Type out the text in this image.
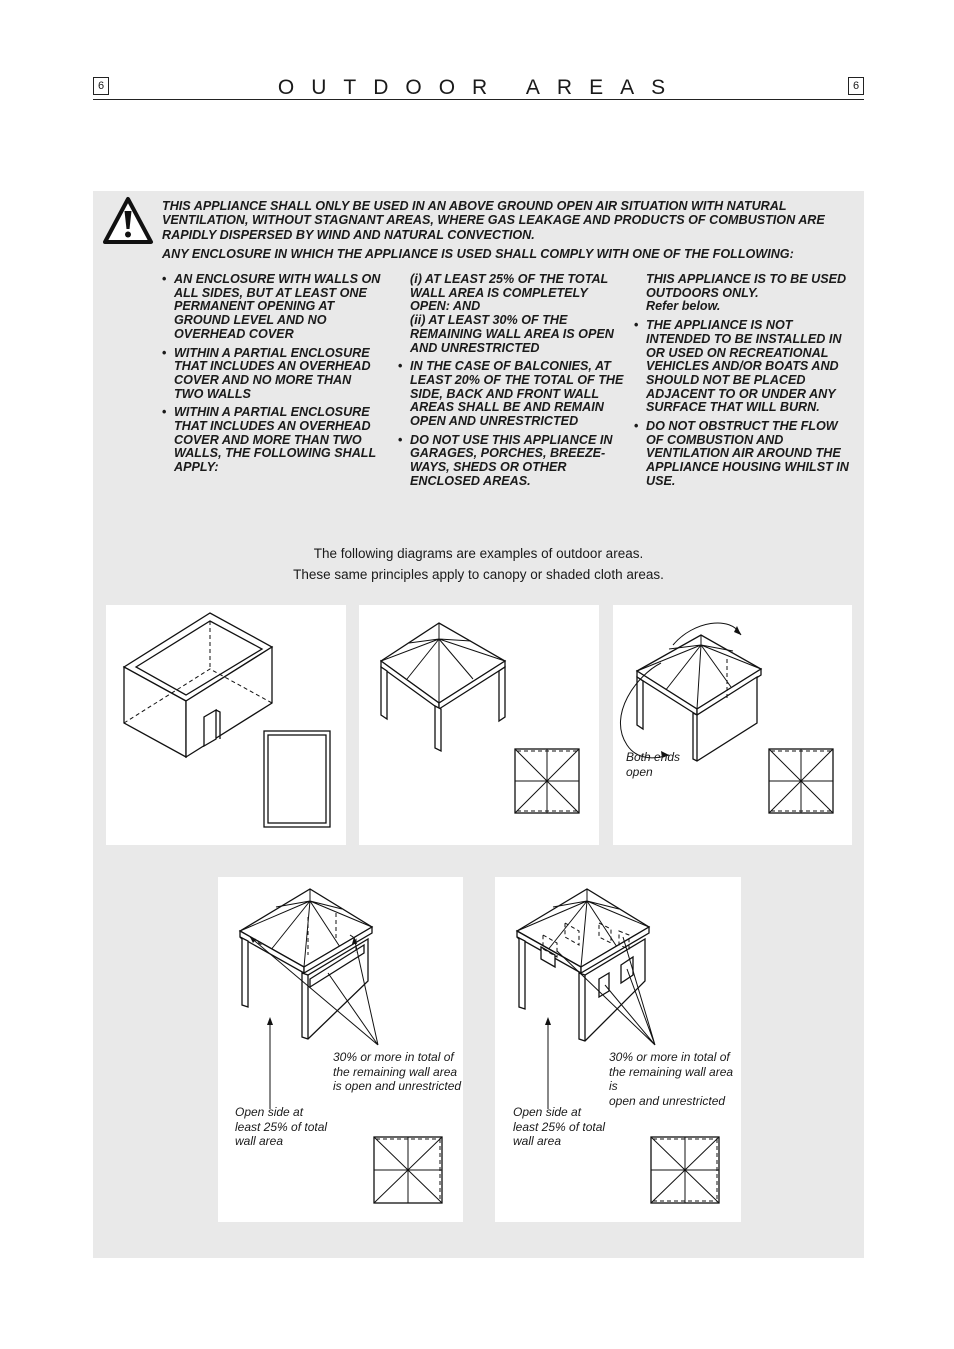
6	6
OUTDOOR AREAS

THIS APPLIANCE SHALL ONLY BE USED IN AN ABOVE GROUND OPEN AIR SITUATION WITH NATURAL VENTILATION, WITHOUT STAGNANT AREAS, WHERE GAS LEAKAGE AND PRODUCTS OF COMBUSTION ARE RAPIDLY DISPERSED BY WIND AND NATURAL CONVECTION.

ANY ENCLOSURE IN WHICH THE APPLIANCE IS USED SHALL COMPLY WITH ONE OF THE FOLLOWING:

• AN ENCLOSURE WITH WALLS ON ALL SIDES, BUT AT LEAST ONE PERMANENT OPENING AT GROUND LEVEL AND NO OVERHEAD COVER
• WITHIN A PARTIAL ENCLOSURE THAT INCLUDES AN OVERHEAD COVER AND NO MORE THAN TWO WALLS
• WITHIN A PARTIAL ENCLOSURE THAT INCLUDES AN OVERHEAD COVER AND MORE THAN TWO WALLS, THE FOLLOWING SHALL APPLY:
(i) AT LEAST 25% OF THE TOTAL WALL AREA IS COMPLETELY OPEN: AND
(ii) AT LEAST 30% OF THE REMAINING WALL AREA IS OPEN AND UNRESTRICTED
• IN THE CASE OF BALCONIES, AT LEAST 20% OF THE TOTAL OF THE SIDE, BACK AND FRONT WALL AREAS SHALL BE AND REMAIN OPEN AND UNRESTRICTED
• DO NOT USE THIS APPLIANCE IN GARAGES, PORCHES, BREEZE-WAYS, SHEDS OR OTHER ENCLOSED AREAS.
THIS APPLIANCE IS TO BE USED OUTDOORS ONLY.
Refer below.
• THE APPLIANCE IS NOT INTENDED TO BE INSTALLED IN OR USED ON RECREATIONAL VEHICLES AND/OR BOATS AND SHOULD NOT BE PLACED ADJACENT TO OR UNDER ANY SURFACE THAT WILL BURN.
• DO NOT OBSTRUCT THE FLOW OF COMBUSTION AND VENTILATION AIR AROUND THE APPLIANCE HOUSING WHILST IN USE.
The following diagrams are examples of outdoor areas.
These same principles apply to canopy or shaded cloth areas.
Both ends
open
30% or more in total of
the remaining wall area
is open and unrestricted
Open side at
least 25% of total
wall area
30% or more in total of
the remaining wall area is
open and unrestricted
Open side at
least 25% of total
wall area
